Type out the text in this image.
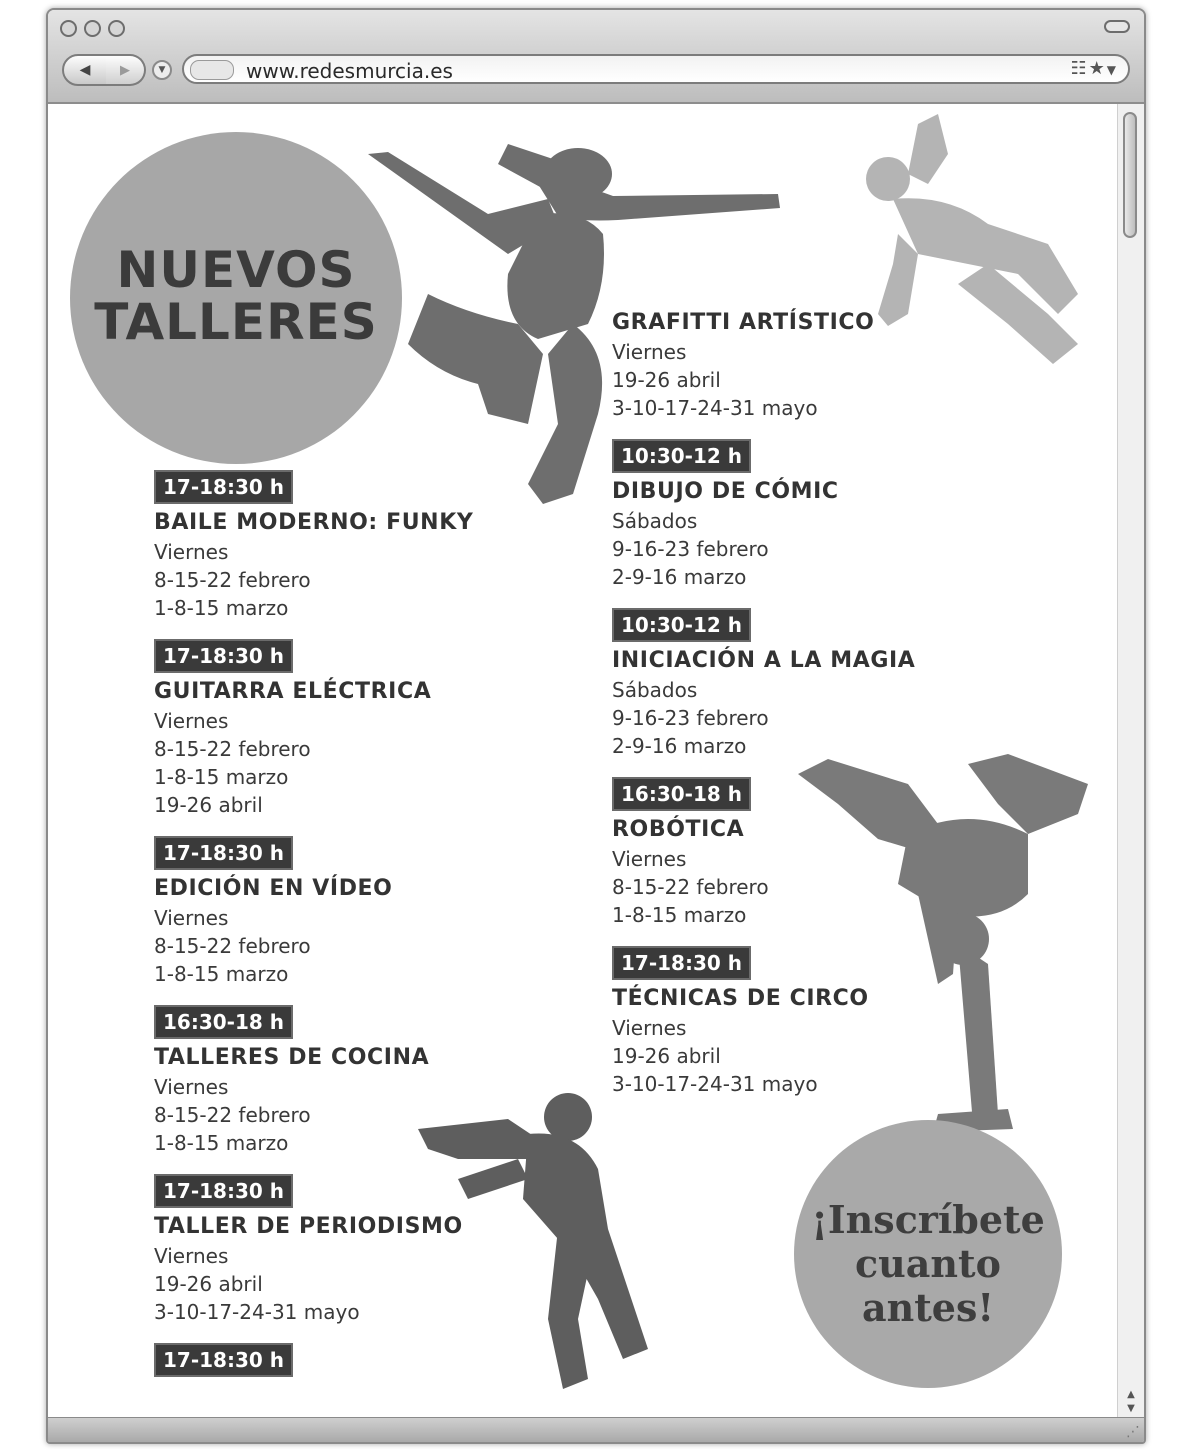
◀ ▶	▼	www.redesmurcia.es	☷★▼
NUEVOS
TALLERES
¡Inscríbete
cuanto
antes!
17-18:30 h
BAILE MODERNO: FUNKY
Viernes
8-15-22 febrero
1-8-15 marzo
17-18:30 h
GUITARRA ELÉCTRICA
Viernes
8-15-22 febrero
1-8-15 marzo
19-26 abril
17-18:30 h
EDICIÓN EN VÍDEO
Viernes
8-15-22 febrero
1-8-15 marzo
16:30-18 h
TALLERES DE COCINA
Viernes
8-15-22 febrero
1-8-15 marzo
17-18:30 h
TALLER DE PERIODISMO
Viernes
19-26 abril
3-10-17-24-31 mayo
17-18:30 h
GRAFITTI ARTÍSTICO
Viernes
19-26 abril
3-10-17-24-31 mayo
10:30-12 h
DIBUJO DE CÓMIC
Sábados
9-16-23 febrero
2-9-16 marzo
10:30-12 h
INICIACIÓN A LA MAGIA
Sábados
9-16-23 febrero
2-9-16 marzo
16:30-18 h
ROBÓTICA
Viernes
8-15-22 febrero
1-8-15 marzo
17-18:30 h
TÉCNICAS DE CIRCO
Viernes
19-26 abril
3-10-17-24-31 mayo
▲
▼
⋰
